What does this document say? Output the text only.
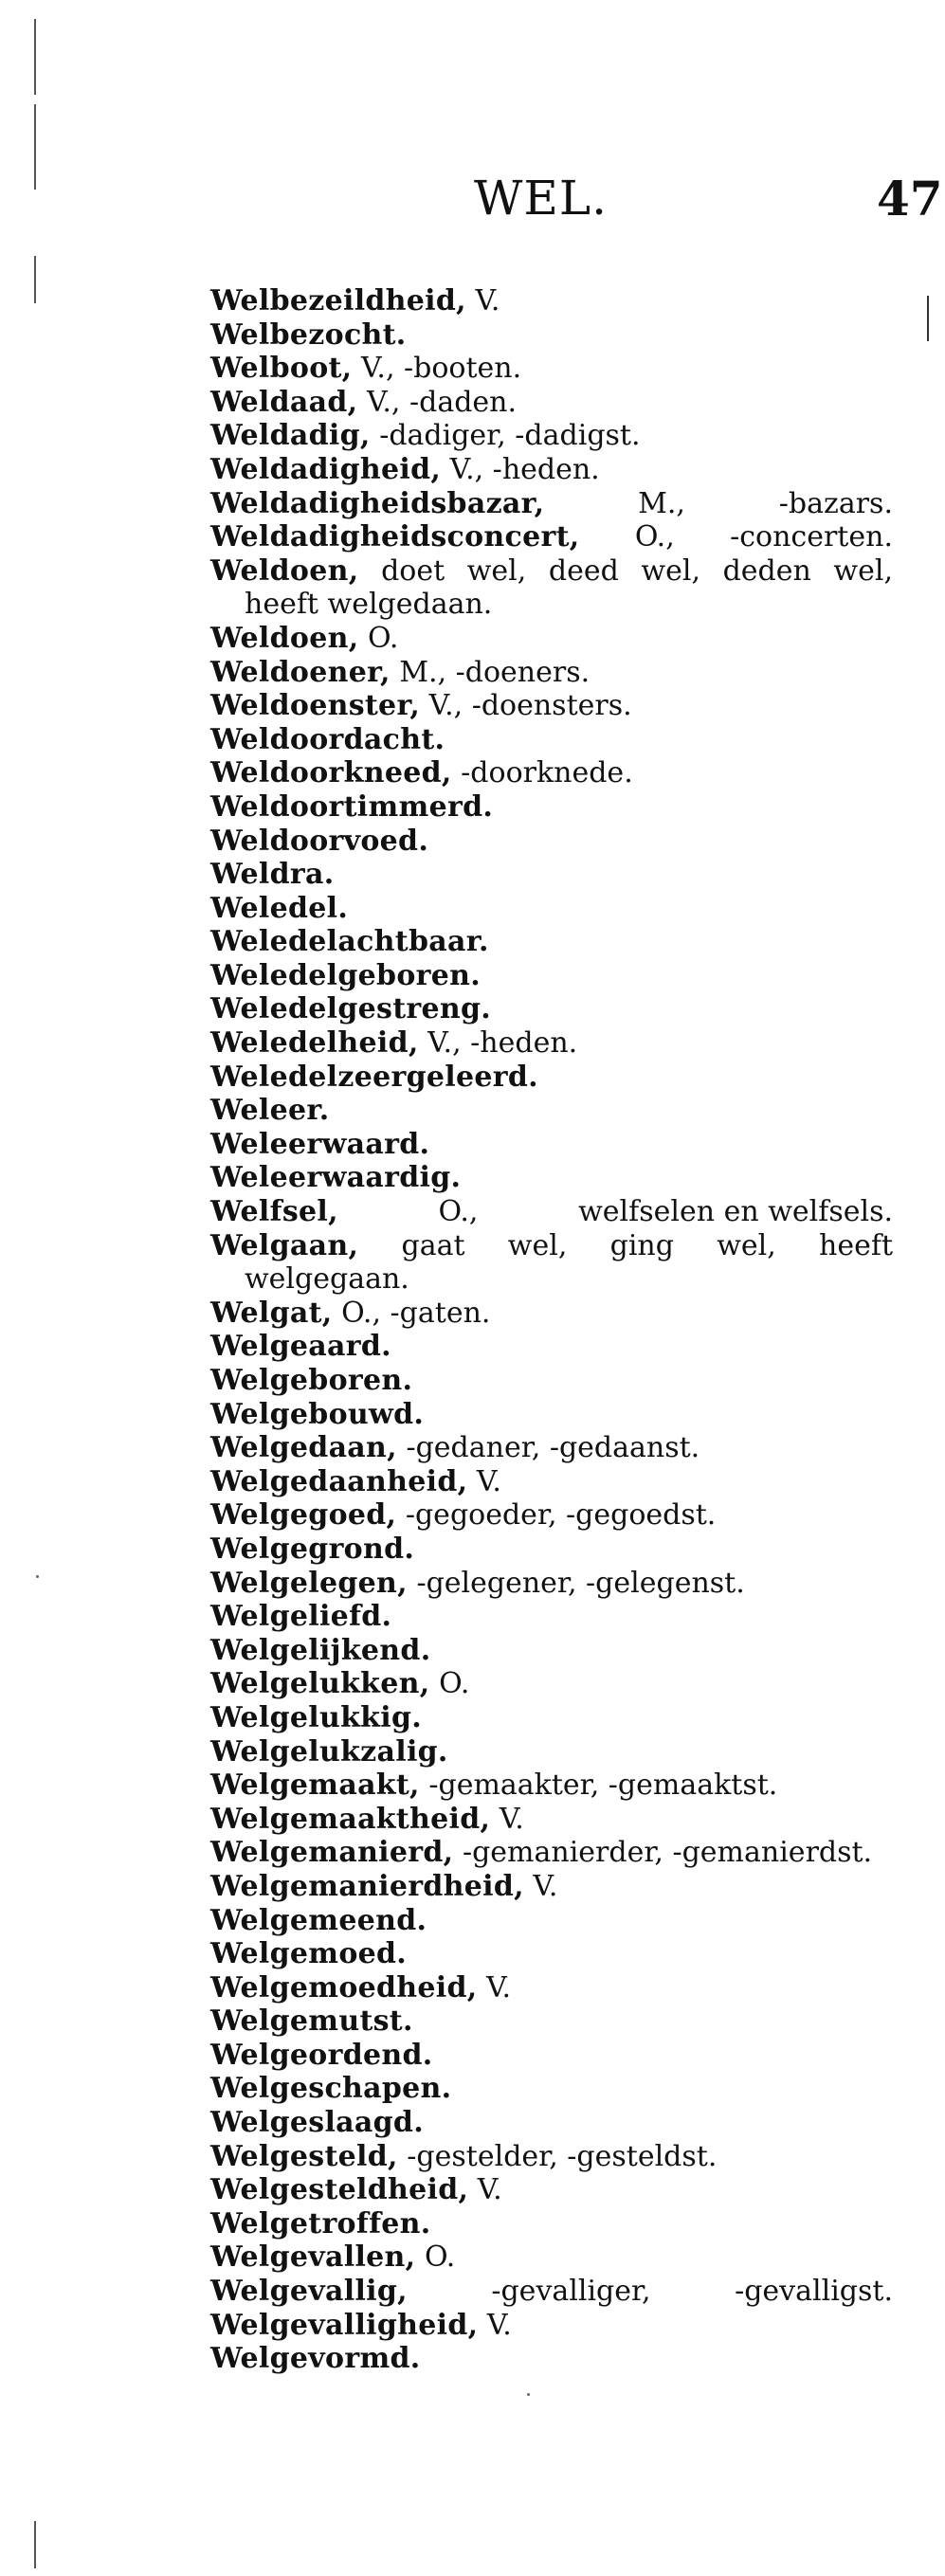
WEL.	47
Welbezeildheid, V.
Welbezocht.
Welboot, V., -booten.
Weldaad, V., -daden.
Weldadig, -dadiger, -dadigst.
Weldadigheid, V., -heden.
Weldadigheidsbazar,	M.,	-bazars.
Weldadigheidsconcert, O., -concerten.
Weldoen, doet wel, deed wel, deden wel, heeft welgedaan.
Weldoen, O.
Weldoener, M., -doeners.
Weldoenster, V., -doensters.
Weldoordacht.
Weldoorkneed, -doorknede.
Weldoortimmerd.
Weldoorvoed.
Weldra.
Weledel.
Weledelachtbaar.
Weledelgeboren.
Weledelgestreng.
Weledelheid, V., -heden.
Weledelzeergeleerd.
Weleer.
Weleerwaard.
Weleerwaardig.
Welfsel,	O.,	welfselen en welfsels.
Welgaan, gaat wel, ging wel, heeft welgegaan.
Welgat, O., -gaten.
Welgeaard.
Welgeboren.
Welgebouwd.
Welgedaan, -gedaner, -gedaanst.
Welgedaanheid, V.
Welgegoed, -gegoeder, -gegoedst.
Welgegrond.
Welgelegen, -gelegener, -gelegenst.
Welgeliefd.
Welgelijkend.
Welgelukken, O.
Welgelukkig.
Welgelukzalig.
Welgemaakt, -gemaakter, -gemaaktst.
Welgemaaktheid, V.
Welgemanierd, -gemanierder, -gemanierdst.
Welgemanierdheid, V.
Welgemeend.
Welgemoed.
Welgemoedheid, V.
Welgemutst.
Welgeordend.
Welgeschapen.
Welgeslaagd.
Welgesteld, -gestelder, -gesteldst.
Welgesteldheid, V.
Welgetroffen.
Welgevallen, O.
Welgevallig,	-gevalliger,	-gevalligst.
Welgevalligheid, V.
Welgevormd.
